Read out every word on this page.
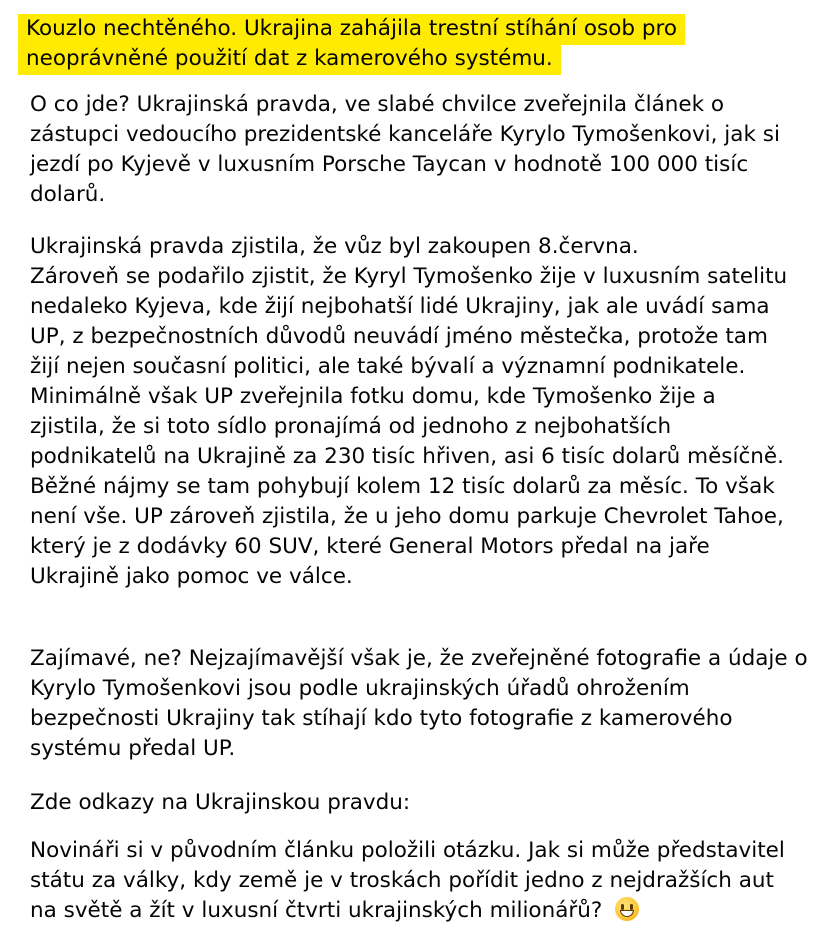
Kouzlo nechtěného. Ukrajina zahájila trestní stíhání osob pro
neoprávněné použití dat z kamerového systému.
O co jde? Ukrajinská pravda, ve slabé chvilce zveřejnila článek o
zástupci vedoucího prezidentské kanceláře Kyrylo Tymošenkovi, jak si
jezdí po Kyjevě v luxusním Porsche Taycan v hodnotě 100 000 tisíc
dolarů.
Ukrajinská pravda zjistila, že vůz byl zakoupen 8.června.
Zároveň se podařilo zjistit, že Kyryl Tymošenko žije v luxusním satelitu
nedaleko Kyjeva, kde žijí nejbohatší lidé Ukrajiny, jak ale uvádí sama
UP, z bezpečnostních důvodů neuvádí jméno městečka, protože tam
žijí nejen současní politici, ale také bývalí a významní podnikatele.
Minimálně však UP zveřejnila fotku domu, kde Tymošenko žije a
zjistila, že si toto sídlo pronajímá od jednoho z nejbohatších
podnikatelů na Ukrajině za 230 tisíc hřiven, asi 6 tisíc dolarů měsíčně.
Běžné nájmy se tam pohybují kolem 12 tisíc dolarů za měsíc. To však
není vše. UP zároveň zjistila, že u jeho domu parkuje Chevrolet Tahoe,
který je z dodávky 60 SUV, které General Motors předal na jaře
Ukrajině jako pomoc ve válce.
Zajímavé, ne? Nejzajímavější však je, že zveřejněné fotografie a údaje o
Kyrylo Tymošenkovi jsou podle ukrajinských úřadů ohrožením
bezpečnosti Ukrajiny tak stíhají kdo tyto fotografie z kamerového
systému předal UP.
Zde odkazy na Ukrajinskou pravdu:
Novináři si v původním článku položili otázku. Jak si může představitel
státu za války, kdy země je v troskách pořídit jedno z nejdražších aut
na světě a žít v luxusní čtvrti ukrajinských milionářů?
